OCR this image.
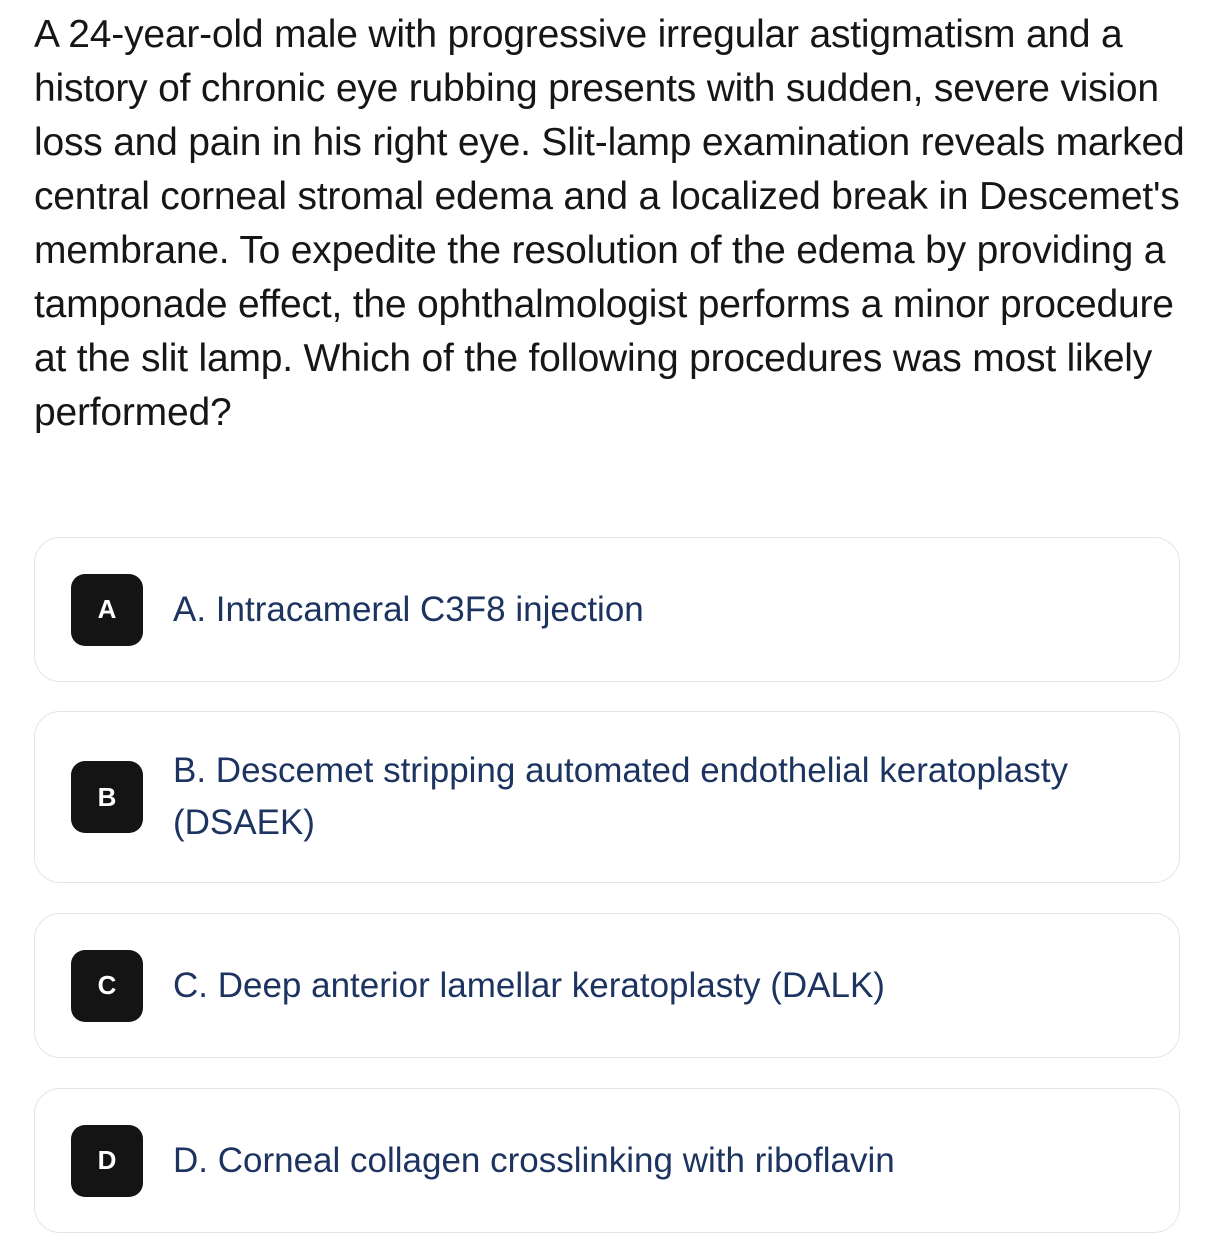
A 24-year-old male with progressive irregular astigmatism and a history of chronic eye rubbing presents with sudden, severe vision loss and pain in his right eye. Slit-lamp examination reveals marked central corneal stromal edema and a localized break in Descemet's membrane. To expedite the resolution of the edema by providing a tamponade effect, the ophthalmologist performs a minor procedure at the slit lamp. Which of the following procedures was most likely performed?

A	A. Intracameral C3F8 injection
B
B. Descemet stripping automated endothelial keratoplasty (DSAEK)
C	C. Deep anterior lamellar keratoplasty (DALK)
D	D. Corneal collagen crosslinking with riboflavin
